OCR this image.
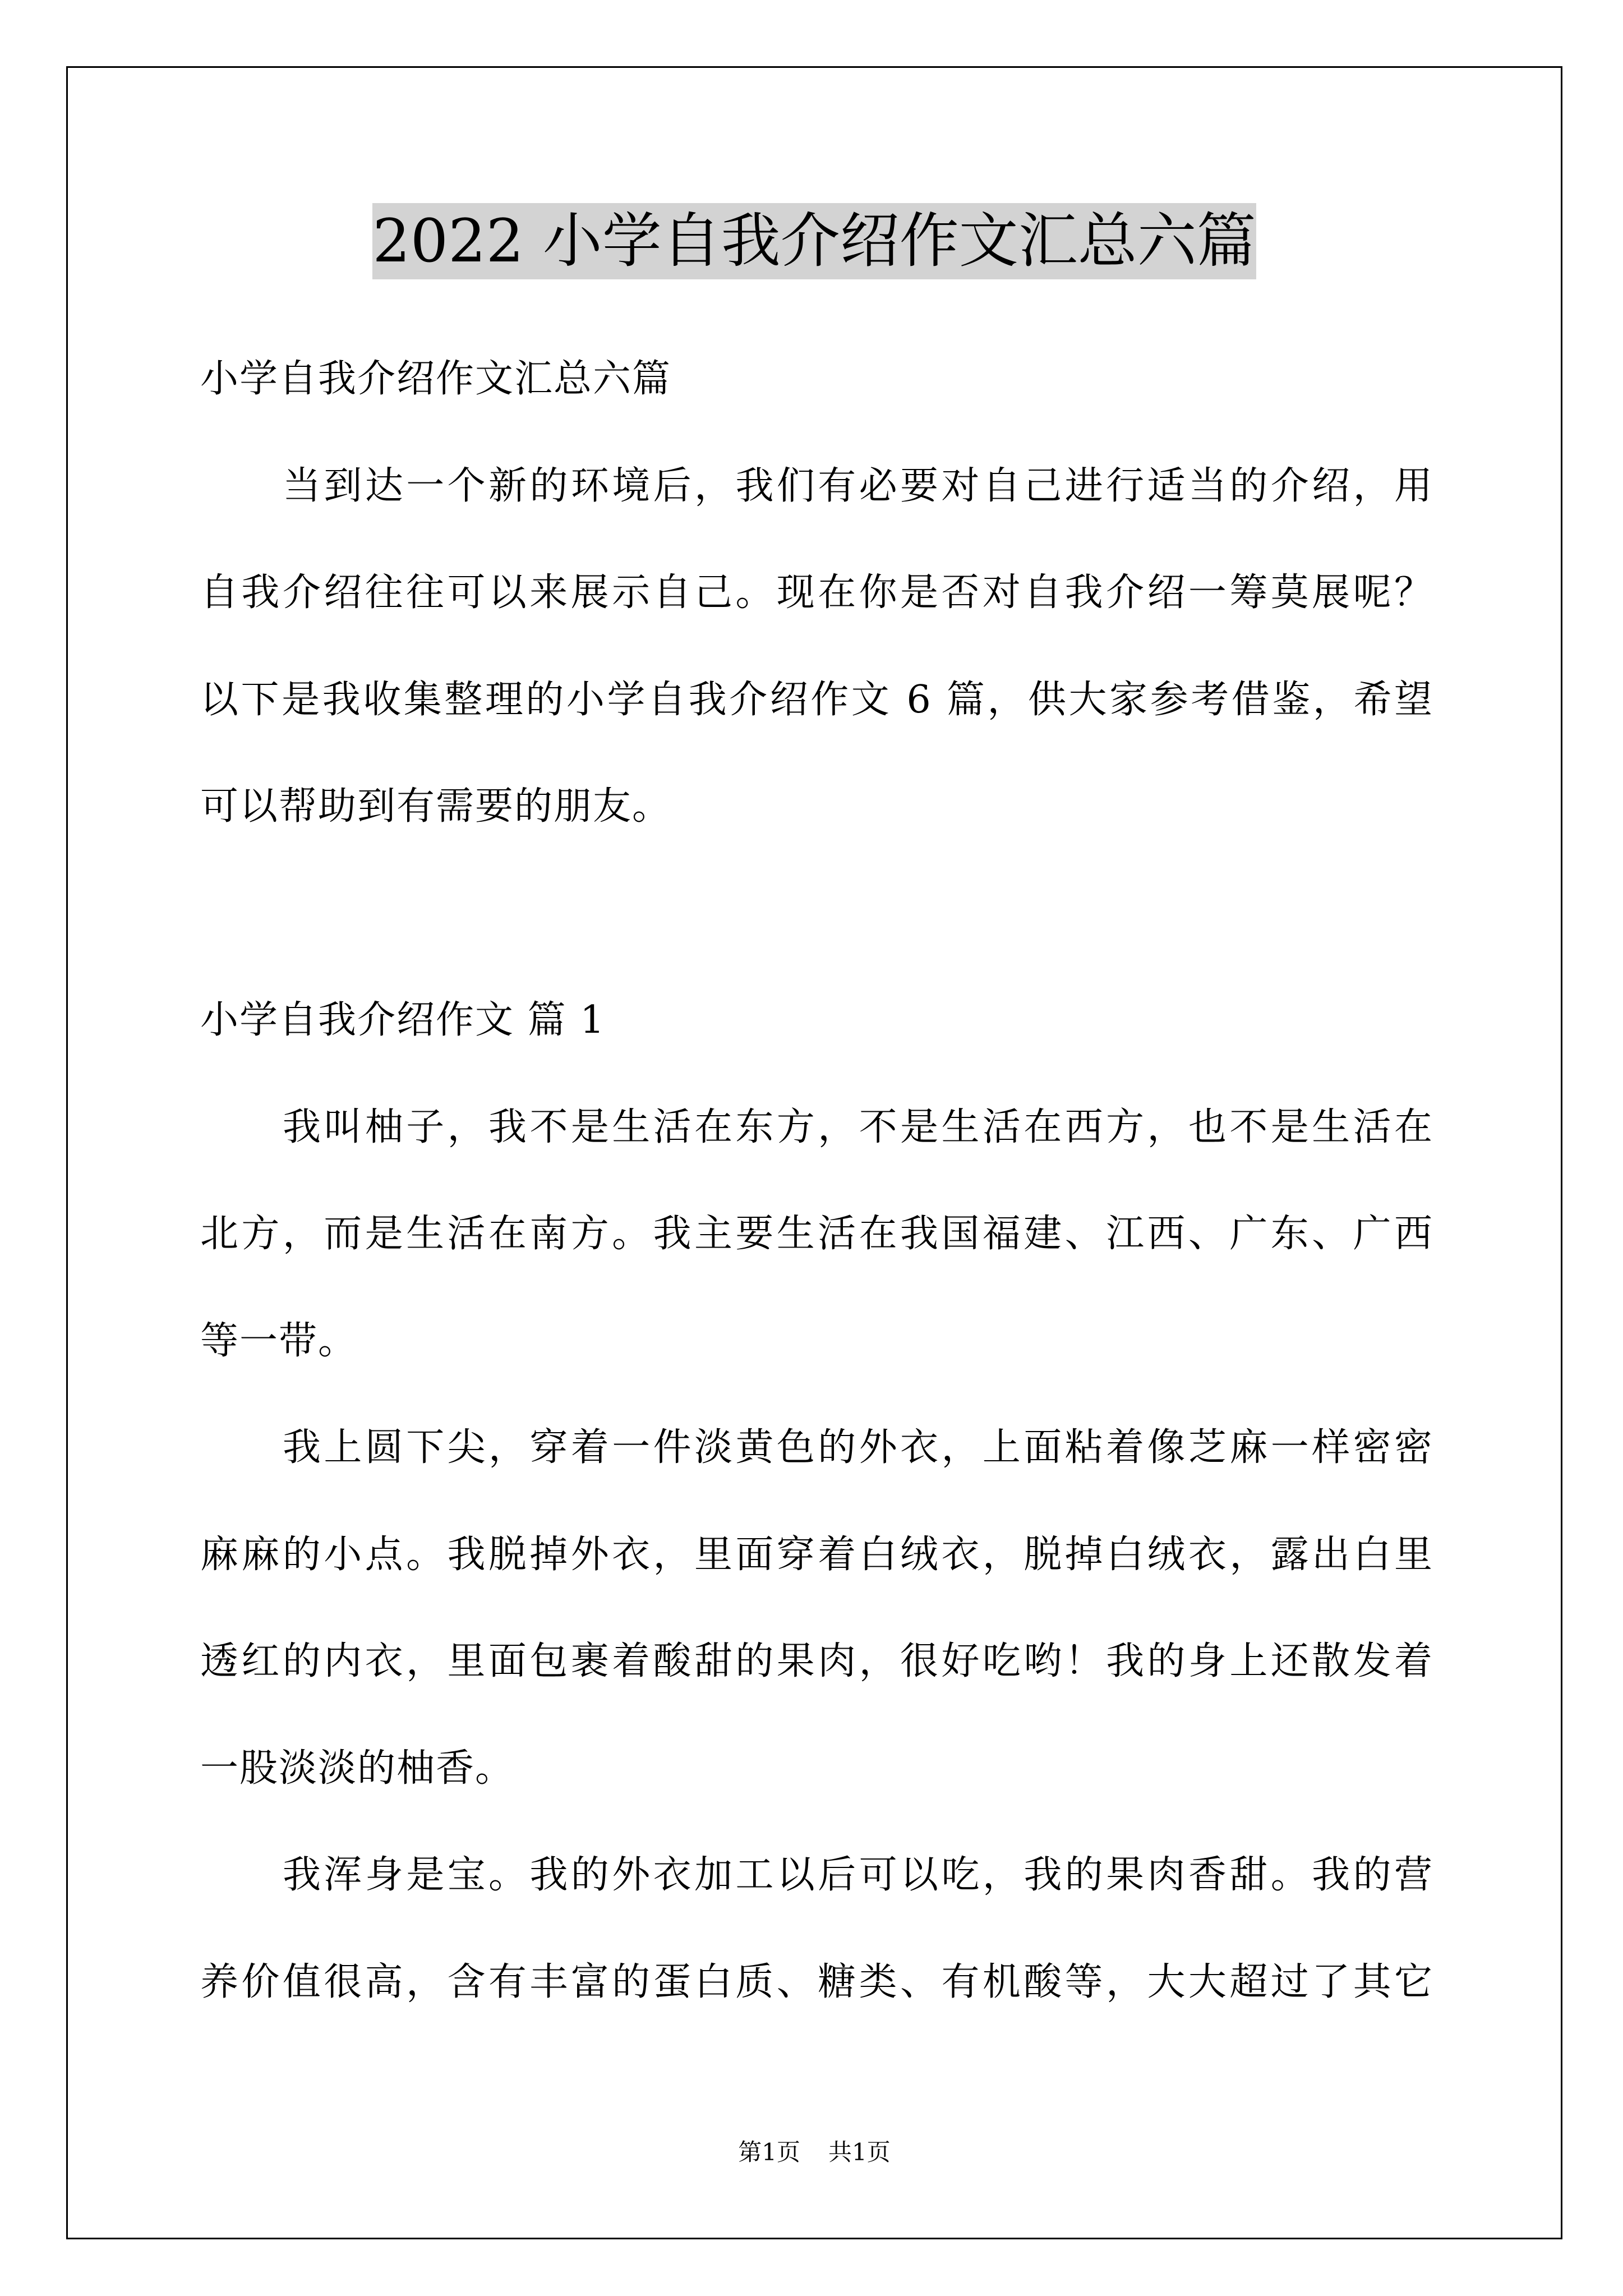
2022 小学自我介绍作文汇总六篇
小学自我介绍作文汇总六篇
当到达一个新的环境后，我们有必要对自己进行适当的介绍，用
自我介绍往往可以来展示自己。现在你是否对自我介绍一筹莫展呢？
以下是我收集整理的小学自我介绍作文 6 篇，供大家参考借鉴，希望
可以帮助到有需要的朋友。
小学自我介绍作文 篇 1
我叫柚子，我不是生活在东方，不是生活在西方，也不是生活在
北方，而是生活在南方。我主要生活在我国福建、江西、广东、广西
等一带。
我上圆下尖，穿着一件淡黄色的外衣，上面粘着像芝麻一样密密
麻麻的小点。我脱掉外衣，里面穿着白绒衣，脱掉白绒衣，露出白里
透红的内衣，里面包裹着酸甜的果肉，很好吃哟！我的身上还散发着
一股淡淡的柚香。
我浑身是宝。我的外衣加工以后可以吃，我的果肉香甜。我的营
养价值很高，含有丰富的蛋白质、糖类、有机酸等，大大超过了其它
第1页 共1页
